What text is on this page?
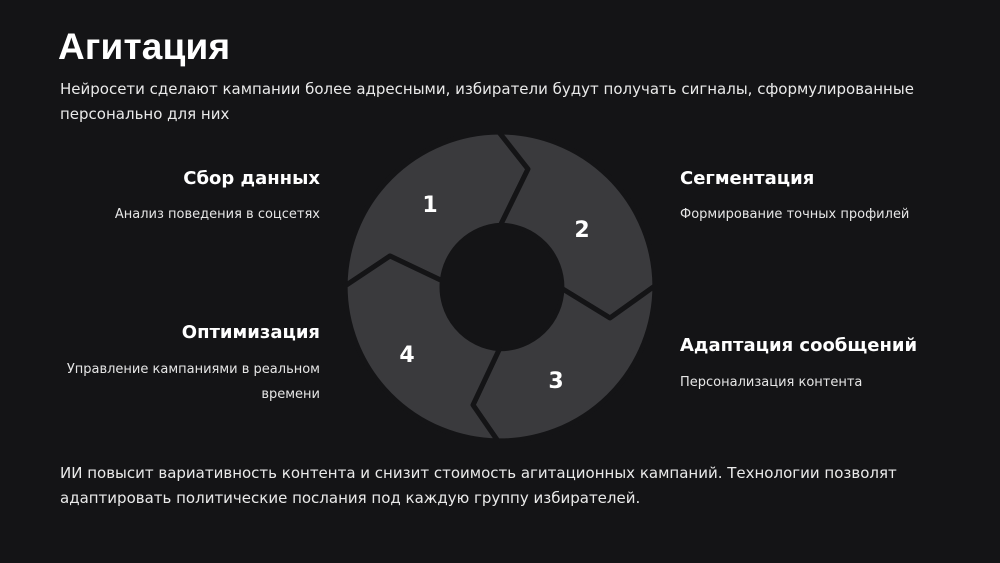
Агитация

Нейросети сделают кампании более адресными, избиратели будут получать сигналы, сформулированные персонально для них

1
2
3
4
Сбор данных

Анализ поведения в соцсетях

Сегментация

Формирование точных профилей

Адаптация сообщений

Персонализация контента

Оптимизация

Управление кампаниями в реальном времени

ИИ повысит вариативность контента и снизит стоимость агитационных кампаний. Технологии позволят адаптировать политические послания под каждую группу избирателей.
